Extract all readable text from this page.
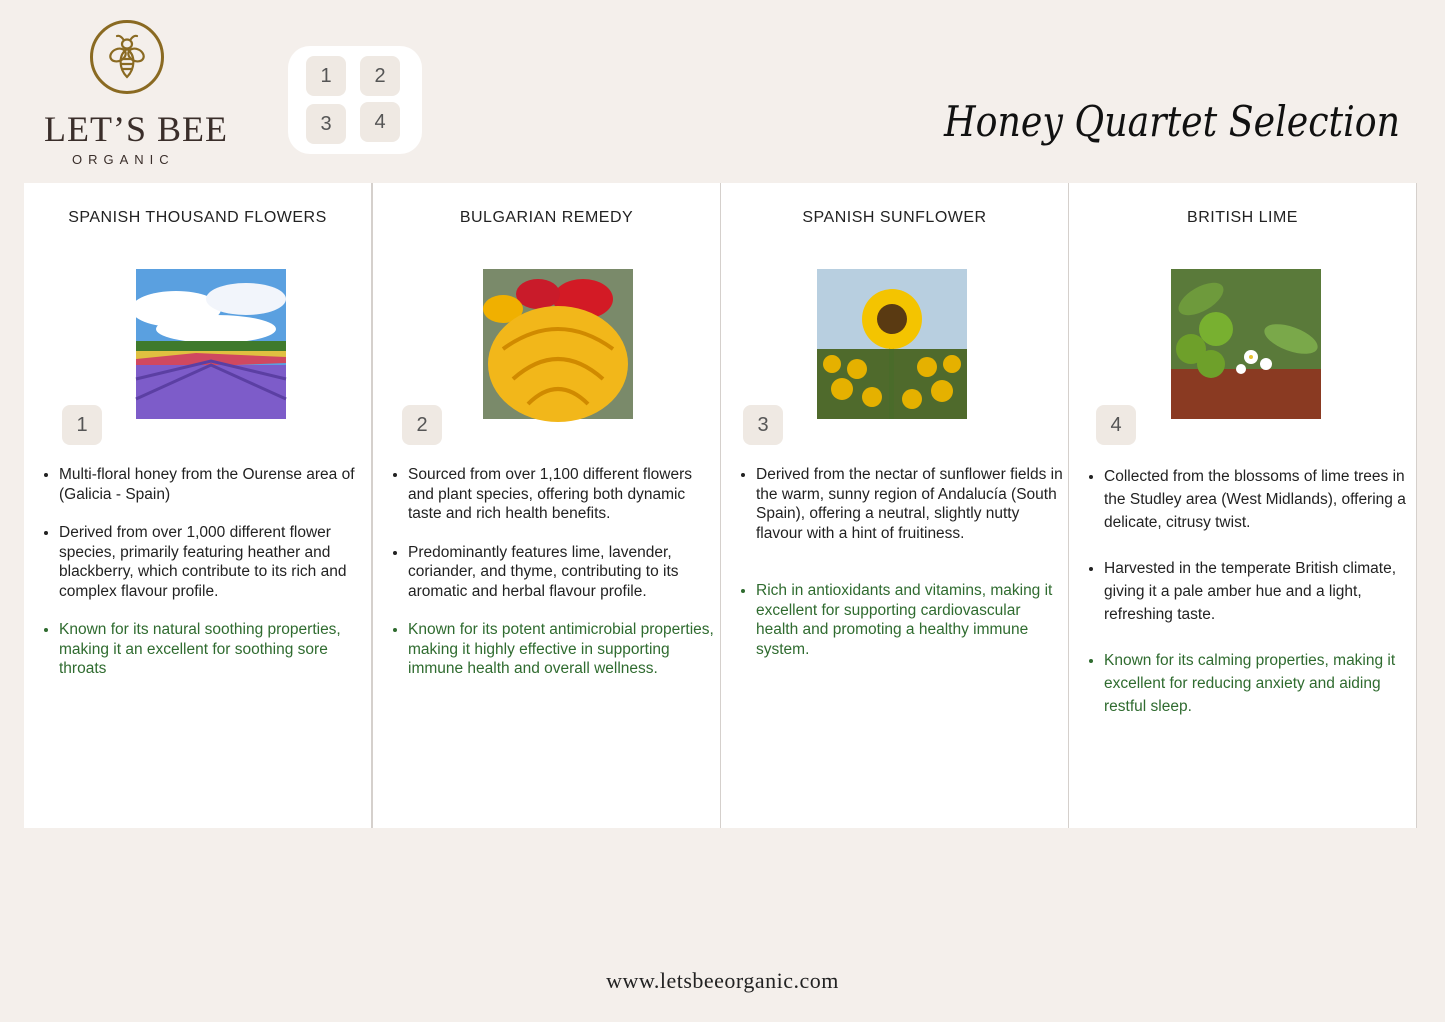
LET’S BEE
ORGANIC
1	2
3	4	Honey Quartet Selection
SPANISH THOUSAND FLOWERS
1
• Multi-floral honey from the Ourense area of (Galicia - Spain)
• Derived from over 1,000 different flower species, primarily featuring heather and blackberry, which contribute to its rich and complex flavour profile.
• Known for its natural soothing properties, making it an excellent for soothing sore throats
BULGARIAN REMEDY
2
• Sourced from over 1,100 different flowers and plant species, offering both dynamic taste and rich health benefits.
• Predominantly features lime, lavender, coriander, and thyme, contributing to its aromatic and herbal flavour profile.
• Known for its potent antimicrobial properties, making it highly effective in supporting immune health and overall wellness.
SPANISH SUNFLOWER
3
• Derived from the nectar of sunflower fields in the warm, sunny region of Andalucía (South Spain), offering a neutral, slightly nutty flavour with a hint of fruitiness.
• Rich in antioxidants and vitamins, making it excellent for supporting cardiovascular health and promoting a healthy immune system.
BRITISH LIME
4
• Collected from the blossoms of lime trees in the Studley area (West Midlands), offering a delicate, citrusy twist.
• Harvested in the temperate British climate, giving it a pale amber hue and a light, refreshing taste.
• Known for its calming properties, making it excellent for reducing anxiety and aiding restful sleep.
www.letsbeeorganic.com
